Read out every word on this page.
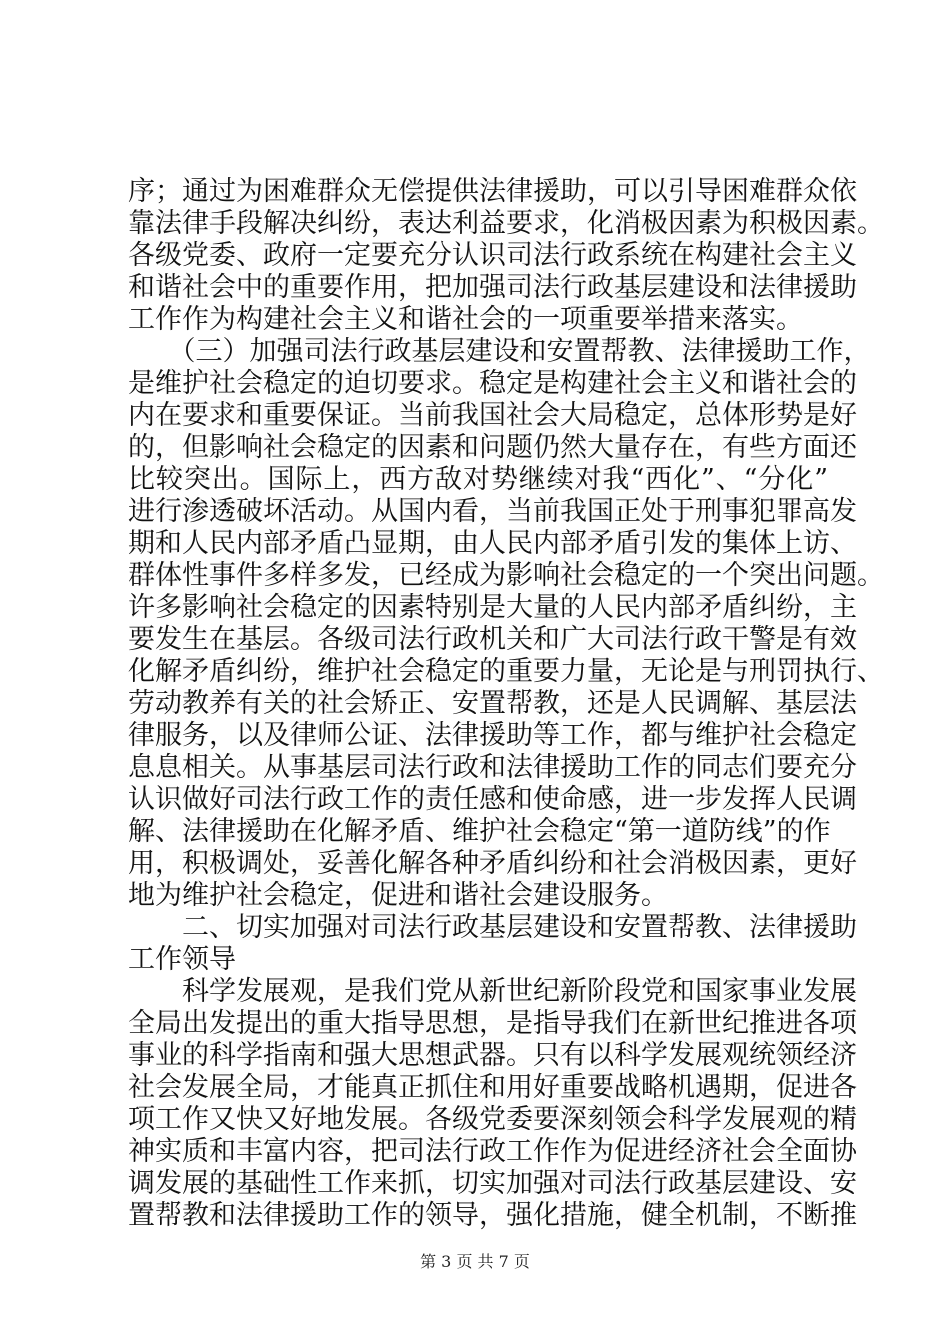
序；通过为困难群众无偿提供法律援助，可以引导困难群众依
靠法律手段解决纠纷，表达利益要求，化消极因素为积极因素。
各级党委、政府一定要充分认识司法行政系统在构建社会主义
和谐社会中的重要作用，把加强司法行政基层建设和法律援助
工作作为构建社会主义和谐社会的一项重要举措来落实。
　　（三）加强司法行政基层建设和安置帮教、法律援助工作，
是维护社会稳定的迫切要求。稳定是构建社会主义和谐社会的
内在要求和重要保证。当前我国社会大局稳定，总体形势是好
的，但影响社会稳定的因素和问题仍然大量存在，有些方面还
比较突出。国际上，西方敌对势继续对我“西化”、“分化”
进行渗透破坏活动。从国内看，当前我国正处于刑事犯罪高发
期和人民内部矛盾凸显期，由人民内部矛盾引发的集体上访、
群体性事件多样多发，已经成为影响社会稳定的一个突出问题。
许多影响社会稳定的因素特别是大量的人民内部矛盾纠纷，主
要发生在基层。各级司法行政机关和广大司法行政干警是有效
化解矛盾纠纷，维护社会稳定的重要力量，无论是与刑罚执行、
劳动教养有关的社会矫正、安置帮教，还是人民调解、基层法
律服务，以及律师公证、法律援助等工作，都与维护社会稳定
息息相关。从事基层司法行政和法律援助工作的同志们要充分
认识做好司法行政工作的责任感和使命感，进一步发挥人民调
解、法律援助在化解矛盾、维护社会稳定“第一道防线”的作
用，积极调处，妥善化解各种矛盾纠纷和社会消极因素，更好
地为维护社会稳定，促进和谐社会建设服务。
　　二、切实加强对司法行政基层建设和安置帮教、法律援助
工作领导
　　科学发展观，是我们党从新世纪新阶段党和国家事业发展
全局出发提出的重大指导思想，是指导我们在新世纪推进各项
事业的科学指南和强大思想武器。只有以科学发展观统领经济
社会发展全局，才能真正抓住和用好重要战略机遇期，促进各
项工作又快又好地发展。各级党委要深刻领会科学发展观的精
神实质和丰富内容，把司法行政工作作为促进经济社会全面协
调发展的基础性工作来抓，切实加强对司法行政基层建设、安
置帮教和法律援助工作的领导，强化措施，健全机制，不断推
第 3 页 共 7 页
